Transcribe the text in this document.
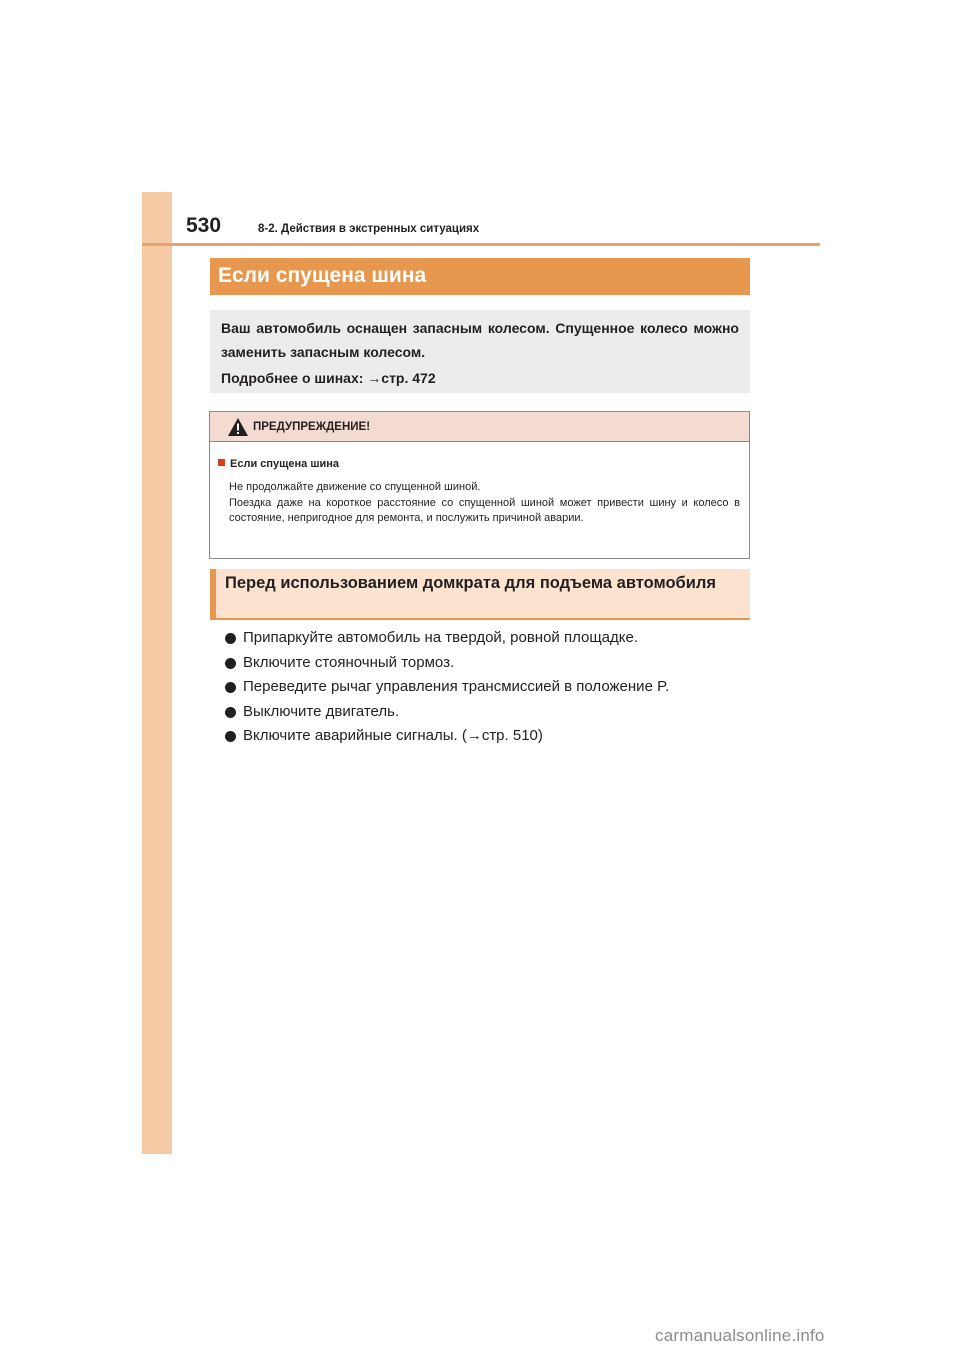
530	8-2. Действия в экстренных ситуациях
Если спущена шина

Ваш автомобиль оснащен запасным колесом. Спущенное колесо можно заменить запасным колесом.

Подробнее о шинах: →стр. 472

ПРЕДУПРЕЖДЕНИЕ!
Если спущена шина

Не продолжайте движение со спущенной шиной.

Поездка даже на короткое расстояние со спущенной шиной может привести шину и колесо в состояние, непригодное для ремонта, и послужить причиной аварии.

Перед использованием домкрата для подъема автомобиля
Припаркуйте автомобиль на твердой, ровной площадке.
Включите стояночный тормоз.
Переведите рычаг управления трансмиссией в положение P.
Выключите двигатель.
Включите аварийные сигналы. (→стр. 510)
carmanualsonline.info
